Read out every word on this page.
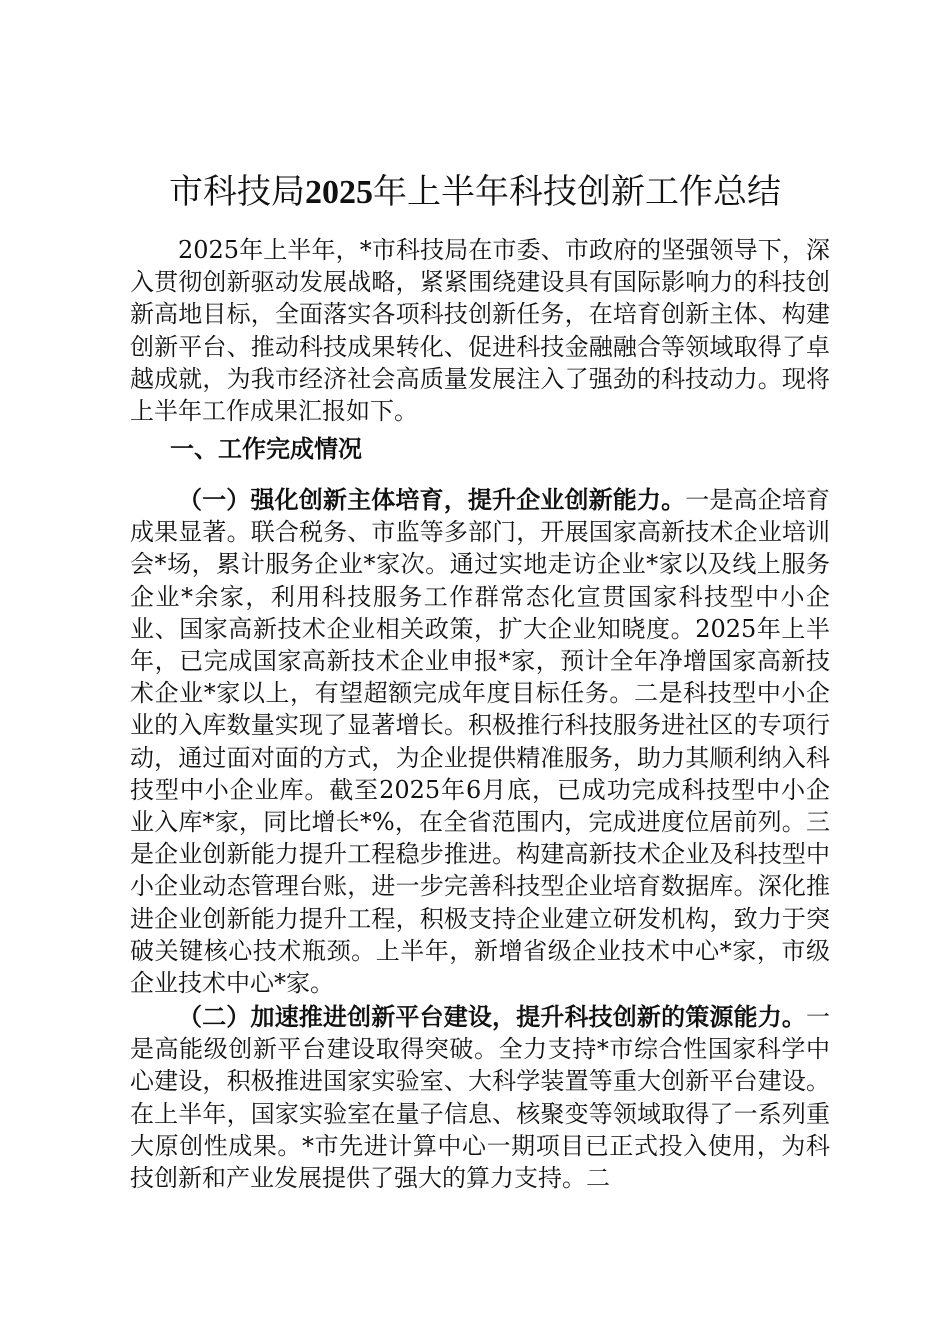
市科技局2025年上半年科技创新工作总结

2025年上半年，*市科技局在市委、市政府的坚强领导下，深入贯彻创新驱动发展战略，紧紧围绕建设具有国际影响力的科技创新高地目标，全面落实各项科技创新任务，在培育创新主体、构建创新平台、推动科技成果转化、促进科技金融融合等领域取得了卓越成就，为我市经济社会高质量发展注入了强劲的科技动力。现将上半年工作成果汇报如下。

一、工作完成情况

（一）强化创新主体培育，提升企业创新能力。一是高企培育成果显著。联合税务、市监等多部门，开展国家高新技术企业培训会*场，累计服务企业*家次。通过实地走访企业*家以及线上服务企业*余家，利用科技服务工作群常态化宣贯国家科技型中小企业、国家高新技术企业相关政策，扩大企业知晓度。2025年上半年，已完成国家高新技术企业申报*家，预计全年净增国家高新技术企业*家以上，有望超额完成年度目标任务。二是科技型中小企业的入库数量实现了显著增长。积极推行科技服务进社区的专项行动，通过面对面的方式，为企业提供精准服务，助力其顺利纳入科技型中小企业库。截至2025年6月底，已成功完成科技型中小企业入库*家，同比增长*%，在全省范围内，完成进度位居前列。三是企业创新能力提升工程稳步推进。构建高新技术企业及科技型中小企业动态管理台账，进一步完善科技型企业培育数据库。深化推进企业创新能力提升工程，积极支持企业建立研发机构，致力于突破关键核心技术瓶颈。上半年，新增省级企业技术中心*家，市级企业技术中心*家。

（二）加速推进创新平台建设，提升科技创新的策源能力。一是高能级创新平台建设取得突破。全力支持*市综合性国家科学中心建设，积极推进国家实验室、大科学装置等重大创新平台建设。在上半年，国家实验室在量子信息、核聚变等领域取得了一系列重大原创性成果。*市先进计算中心一期项目已正式投入使用，为科技创新和产业发展提供了强大的算力支持。二
